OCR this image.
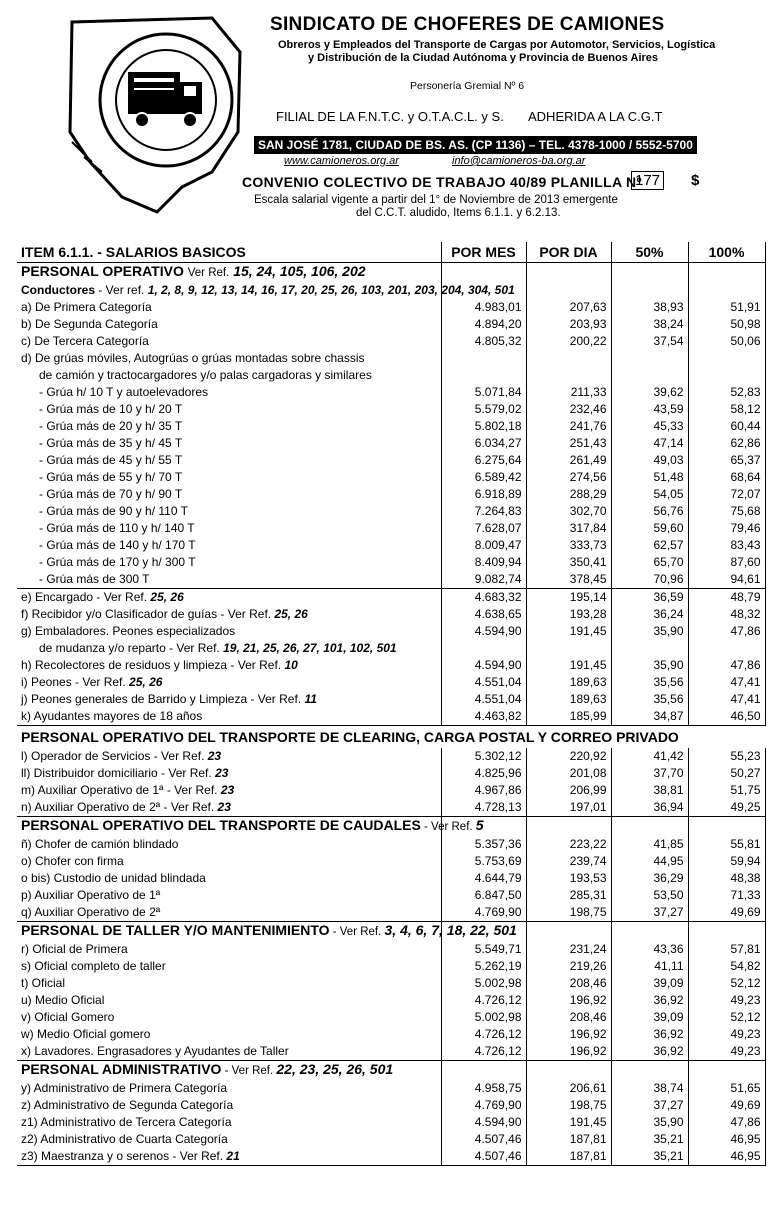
SINDICATO DE CHOFERES DE CAMIONES
Obreros y Empleados del Transporte de Cargas por Automotor, Servicios, Logística
y Distribución de la Ciudad Autónoma y Provincia de Buenos Aires
Personería Gremial Nº 6
FILIAL DE LA F.N.T.C. y O.T.A.C.L. y S. ADHERIDA A LA C.G.T
SAN JOSÉ 1781, CIUDAD DE BS. AS. (CP 1136) – TEL. 4378-1000 / 5552-5700
www.camioneros.org.ar	info@camioneros-ba.org.ar
CONVENIO COLECTIVO DE TRABAJO 40/89 PLANILLA Nº
177 $
Escala salarial vigente a partir del 1° de Noviembre de 2013 emergente
del C.C.T. aludido, Items 6.1.1. y 6.2.13.
ITEM 6.1.1. - SALARIOS BASICOS	POR MES	POR DIA	50%	100%
PERSONAL OPERATIVO Ver Ref. 15, 24, 105, 106, 202				
Conductores - Ver ref. 1, 2, 8, 9, 12, 13, 14, 16, 17, 20, 25, 26, 103, 201, 203, 204, 304, 501				
a) De Primera Categoría	4.983,01	207,63	38,93	51,91
b) De Segunda Categoría	4.894,20	203,93	38,24	50,98
c) De Tercera Categoría	4.805,32	200,22	37,54	50,06
d) De grúas móviles, Autogrúas o grúas montadas sobre chassis				
de camión y tractocargadores y/o palas cargadoras y similares				
- Grúa h/ 10 T y autoelevadores	5.071,84	211,33	39,62	52,83
- Grúa más de 10 y h/ 20 T	5.579,02	232,46	43,59	58,12
- Grúa más de 20 y h/ 35 T	5.802,18	241,76	45,33	60,44
- Grúa más de 35 y h/ 45 T	6.034,27	251,43	47,14	62,86
- Grúa más de 45 y h/ 55 T	6.275,64	261,49	49,03	65,37
- Grúa más de 55 y h/ 70 T	6.589,42	274,56	51,48	68,64
- Grúa más de 70 y h/ 90 T	6.918,89	288,29	54,05	72,07
- Grúa más de 90 y h/ 110 T	7.264,83	302,70	56,76	75,68
- Grúa más de 110 y h/ 140 T	7.628,07	317,84	59,60	79,46
- Grúa más de 140 y h/ 170 T	8.009,47	333,73	62,57	83,43
- Grúa más de 170 y h/ 300 T	8.409,94	350,41	65,70	87,60
- Grúa más de 300 T	9.082,74	378,45	70,96	94,61
e) Encargado - Ver Ref. 25, 26	4.683,32	195,14	36,59	48,79
f) Recibidor y/o Clasificador de guías - Ver Ref. 25, 26	4.638,65	193,28	36,24	48,32
g) Embaladores. Peones especializados	4.594,90	191,45	35,90	47,86
de mudanza y/o reparto - Ver Ref. 19, 21, 25, 26, 27, 101, 102, 501				
h) Recolectores de residuos y limpieza - Ver Ref. 10	4.594,90	191,45	35,90	47,86
i) Peones - Ver Ref. 25, 26	4.551,04	189,63	35,56	47,41
j) Peones generales de Barrido y Limpieza - Ver Ref. 11	4.551,04	189,63	35,56	47,41
k) Ayudantes mayores de 18 años	4.463,82	185,99	34,87	46,50
PERSONAL OPERATIVO DEL TRANSPORTE DE CLEARING, CARGA POSTAL Y CORREO PRIVADO				
l) Operador de Servicios - Ver Ref. 23	5.302,12	220,92	41,42	55,23
ll) Distribuidor domiciliario - Ver Ref. 23	4.825,96	201,08	37,70	50,27
m) Auxiliar Operativo de 1ª - Ver Ref. 23	4.967,86	206,99	38,81	51,75
n) Auxiliar Operativo de 2ª - Ver Ref. 23	4.728,13	197,01	36,94	49,25
PERSONAL OPERATIVO DEL TRANSPORTE DE CAUDALES - Ver Ref. 5				
ñ) Chofer de camión blindado	5.357,36	223,22	41,85	55,81
o) Chofer con firma	5.753,69	239,74	44,95	59,94
o bis) Custodio de unidad blindada	4.644,79	193,53	36,29	48,38
p) Auxiliar Operativo de 1ª	6.847,50	285,31	53,50	71,33
q) Auxiliar Operativo de 2ª	4.769,90	198,75	37,27	49,69
PERSONAL DE TALLER Y/O MANTENIMIENTO - Ver Ref. 3, 4, 6, 7, 18, 22, 501				
r) Oficial de Primera	5.549,71	231,24	43,36	57,81
s) Oficial completo de taller	5.262,19	219,26	41,11	54,82
t) Oficial	5.002,98	208,46	39,09	52,12
u) Medio Oficial	4.726,12	196,92	36,92	49,23
v) Oficial Gomero	5.002,98	208,46	39,09	52,12
w) Medio Oficial gomero	4.726,12	196,92	36,92	49,23
x) Lavadores. Engrasadores y Ayudantes de Taller	4.726,12	196,92	36,92	49,23
PERSONAL ADMINISTRATIVO - Ver Ref. 22, 23, 25, 26, 501				
y) Administrativo de Primera Categoría	4.958,75	206,61	38,74	51,65
z) Administrativo de Segunda Categoría	4.769,90	198,75	37,27	49,69
z1) Administrativo de Tercera Categoría	4.594,90	191,45	35,90	47,86
z2) Administrativo de Cuarta Categoría	4.507,46	187,81	35,21	46,95
z3) Maestranza y o serenos - Ver Ref. 21	4.507,46	187,81	35,21	46,95
